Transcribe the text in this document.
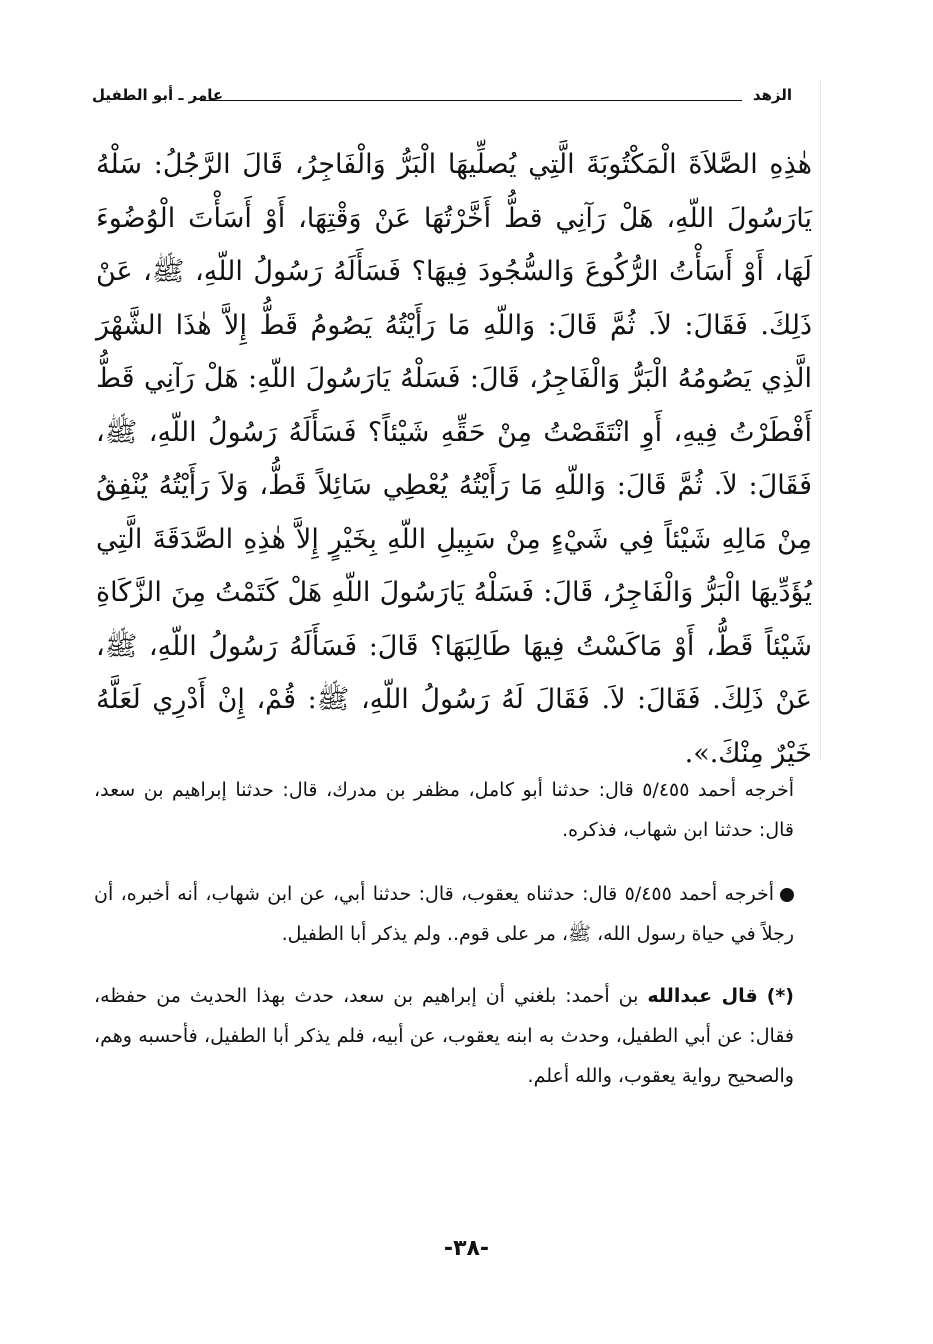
الزهد
عامر ـ أبو الطفيل

هٰذِهِ الصَّلاَةَ الْمَكْتُوبَةَ الَّتِي يُصلِّيهَا الْبَرُّ وَالْفَاجِرُ، قَالَ الرَّجُلُ: سَلْهُ يَارَسُولَ اللّهِ، هَلْ رَآنِي قطُّ أَخَّرْتُهَا عَنْ وَقْتِهَا، أَوْ أَسَأْتَ الْوُضُوءَ لَهَا، أَوْ أَسَأْتُ الرُّكُوعَ وَالسُّجُودَ فِيهَا؟ فَسَأَلَهُ رَسُولُ اللّهِ، ﷺ، عَنْ ذَلِكَ. فَقَالَ: لاَ. ثُمَّ قَالَ: وَاللّهِ مَا رَأَيْتُهُ يَصُومُ قَطُّ إِلاَّ هٰذَا الشَّهْرَ الَّذِي يَصُومُهُ الْبَرُّ وَالْفَاجِرُ، قَالَ: فَسَلْهُ يَارَسُولَ اللّهِ: هَلْ رَآنِي قَطُّ أَفْطَرْتُ فِيهِ، أَوِ انْتَقَصْتُ مِنْ حَقِّهِ شَيْئاً؟ فَسَأَلَهُ رَسُولُ اللّهِ، ﷺ، فَقَالَ: لاَ. ثُمَّ قَالَ: وَاللّهِ مَا رَأَيْتُهُ يُعْطِي سَائِلاً قَطُّ، وَلاَ رَأَيْتُهُ يُنْفِقُ مِنْ مَالِهِ شَيْئاً فِي شَيْءٍ مِنْ سَبِيلِ اللّهِ بِخَيْرٍ إِلاَّ هٰذِهِ الصَّدَقَةَ الَّتِي يُؤَدِّيهَا الْبَرُّ وَالْفَاجِرُ، قَالَ: فَسَلْهُ يَارَسُولَ اللّهِ هَلْ كَتَمْتُ مِنَ الزَّكَاةِ شَيْئاً قَطُّ، أَوْ مَاكَسْتُ فِيهَا طَالِبَهَا؟ قَالَ: فَسَأَلَهُ رَسُولُ اللّهِ، ﷺ، عَنْ ذَلِكَ. فَقَالَ: لاَ. فَقَالَ لَهُ رَسُولُ اللّهِ، ﷺ: قُمْ، إِنْ أَدْرِي لَعَلَّهُ خَيْرٌ مِنْكَ.».

أخرجه أحمد ٥/٤٥٥ قال: حدثنا أبو كامل، مظفر بن مدرك، قال: حدثنا إبراهيم بن سعد، قال: حدثنا ابن شهاب، فذكره.

أخرجه أحمد ٥/٤٥٥ قال: حدثناه يعقوب، قال: حدثنا أبي، عن ابن شهاب، أنه أخبره، أن رجلاً في حياة رسول الله، ﷺ، مر على قوم.. ولم يذكر أبا الطفيل.

(*) قال عبدالله بن أحمد: بلغني أن إبراهيم بن سعد، حدث بهذا الحديث من حفظه، فقال: عن أبي الطفيل، وحدث به ابنه يعقوب، عن أبيه، فلم يذكر أبا الطفيل، فأحسبه وهم، والصحيح رواية يعقوب، والله أعلم.

-٣٨-
